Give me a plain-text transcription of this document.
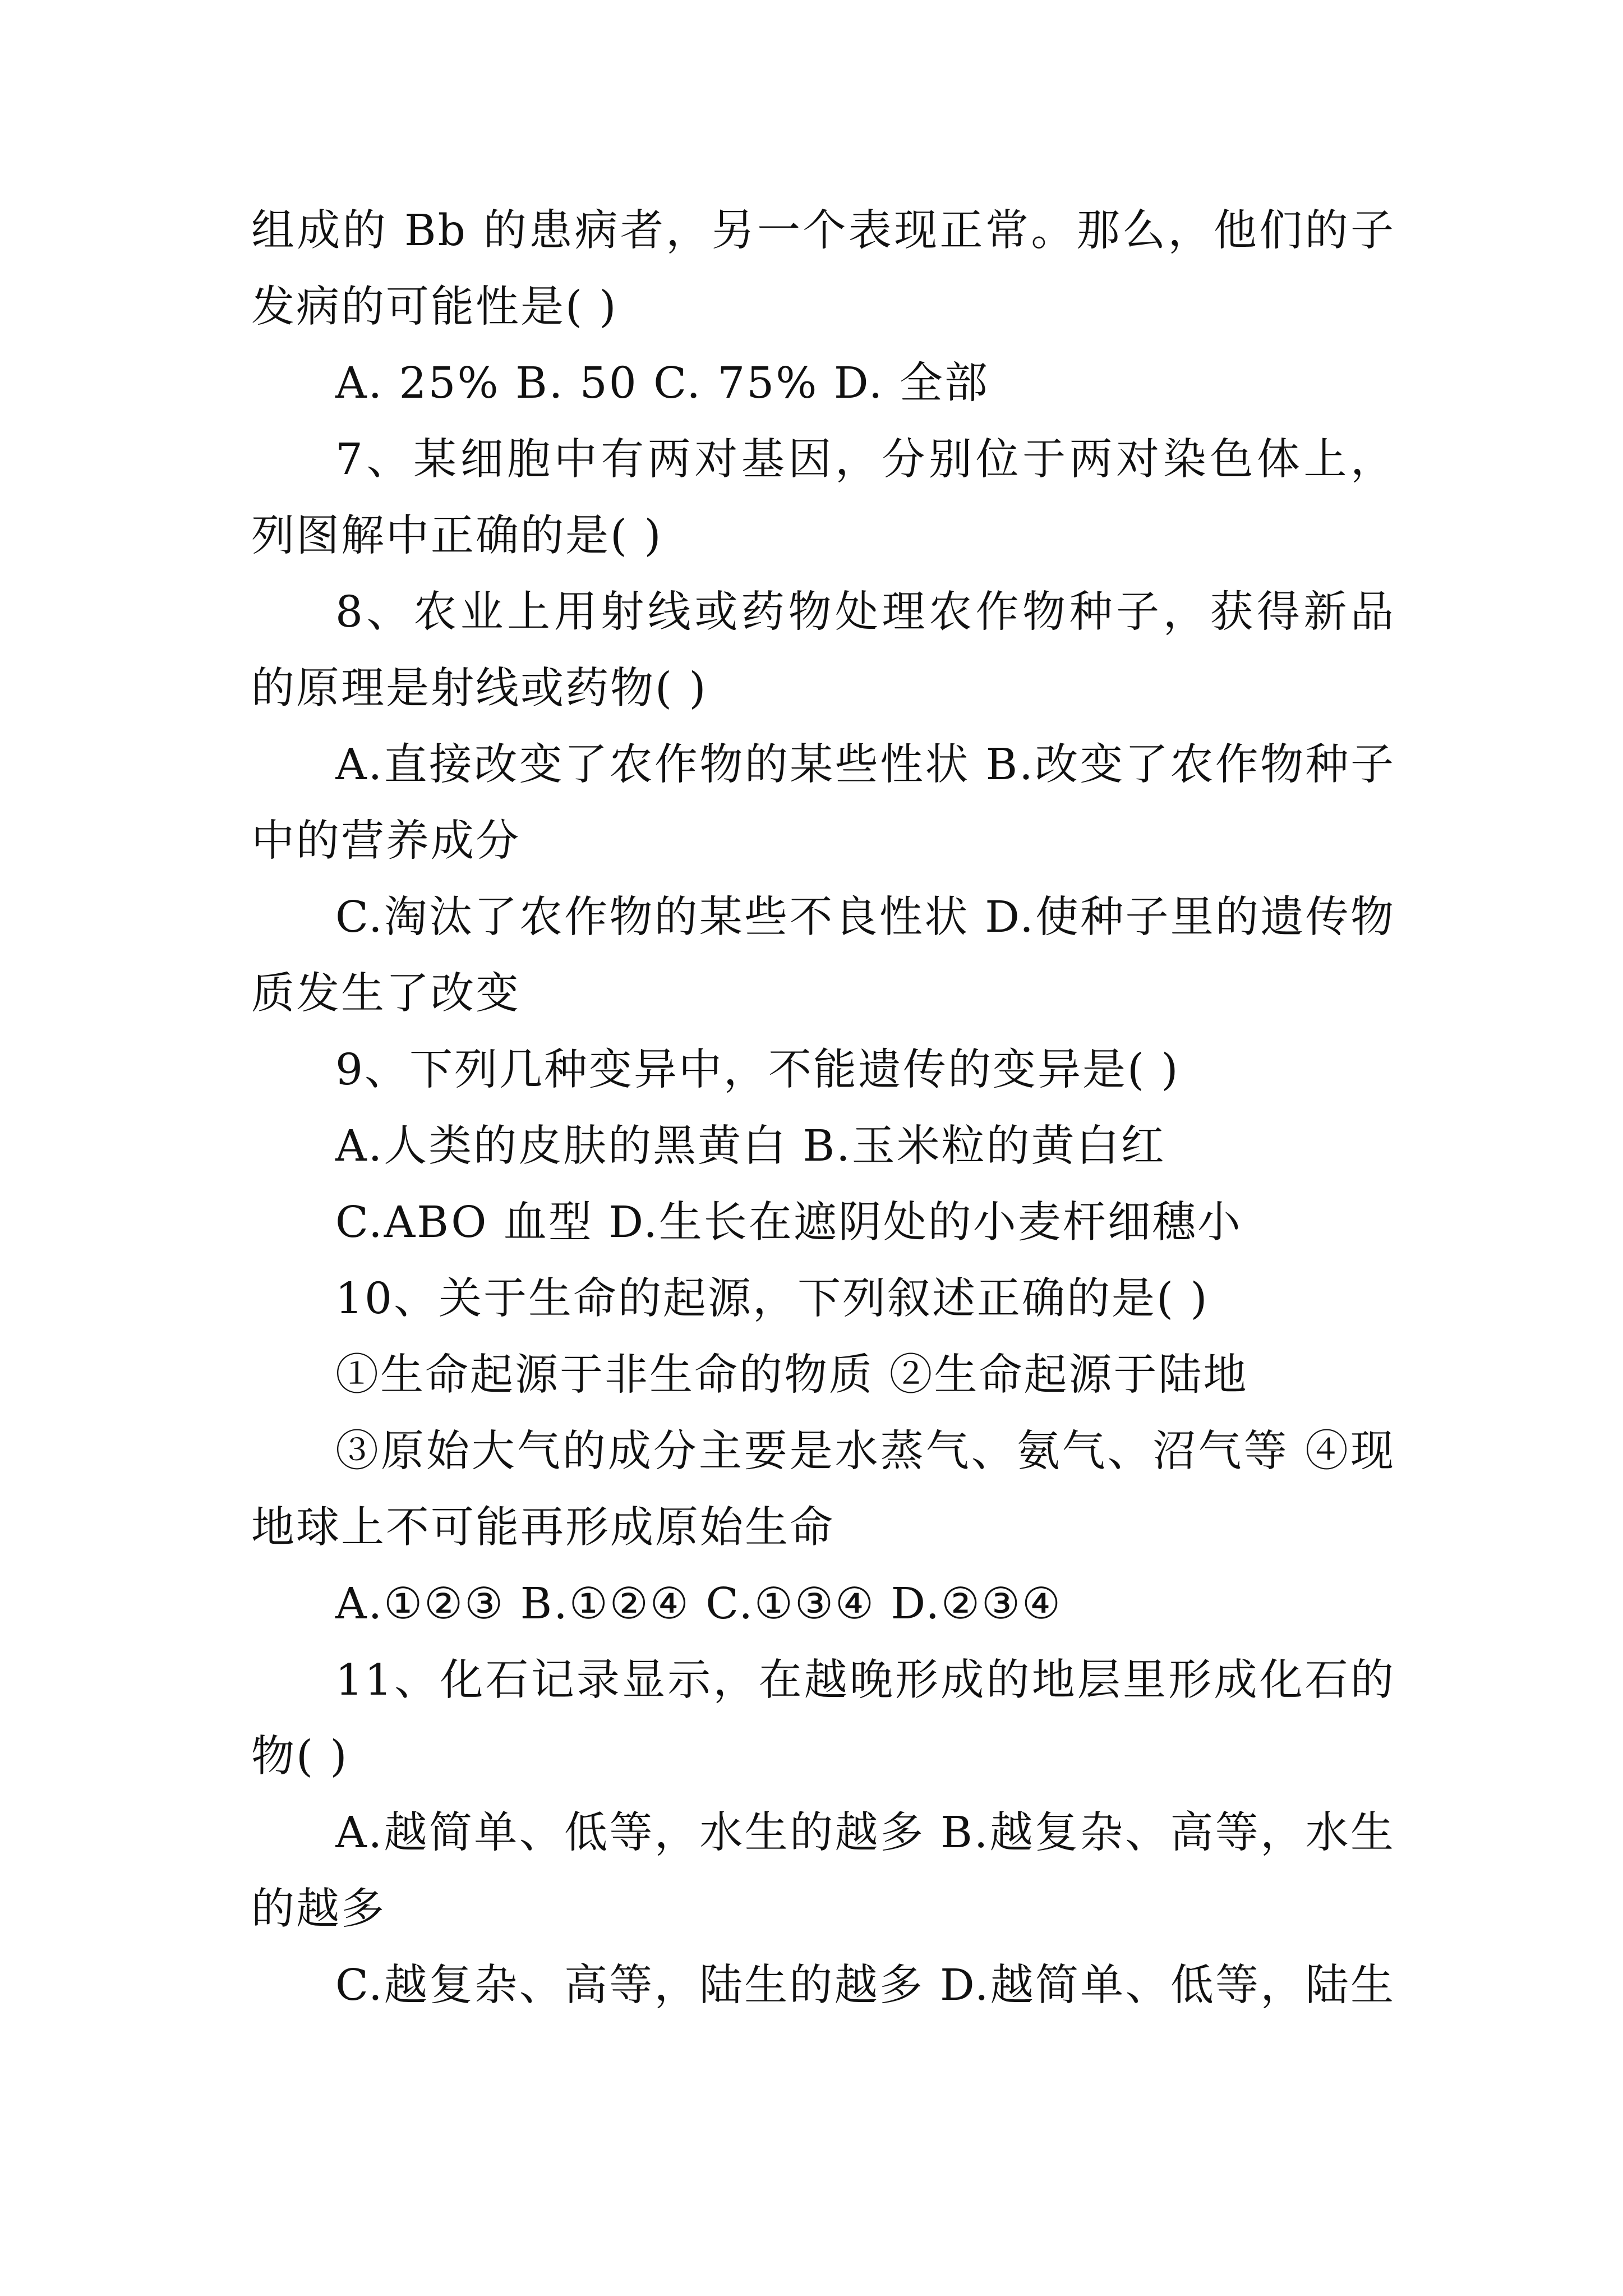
组成的 Bb 的患病者，另一个表现正常。那么，他们的子
发病的可能性是( )
A. 25% B. 50 C. 75% D. 全部
7、某细胞中有两对基因，分别位于两对染色体上，
列图解中正确的是( )
8、农业上用射线或药物处理农作物种子，获得新品
的原理是射线或药物( )
A.直接改变了农作物的某些性状 B.改变了农作物种子
中的营养成分
C.淘汰了农作物的某些不良性状 D.使种子里的遗传物
质发生了改变
9、下列几种变异中，不能遗传的变异是( )
A.人类的皮肤的黑黄白 B.玉米粒的黄白红
C.ABO 血型 D.生长在遮阴处的小麦杆细穗小
10、关于生命的起源，下列叙述正确的是( )
①生命起源于非生命的物质 ②生命起源于陆地
③原始大气的成分主要是水蒸气、氨气、沼气等 ④现
地球上不可能再形成原始生命
A.①②③ B.①②④ C.①③④ D.②③④
11、化石记录显示，在越晚形成的地层里形成化石的
物( )
A.越简单、低等，水生的越多 B.越复杂、高等，水生
的越多
C.越复杂、高等，陆生的越多 D.越简单、低等，陆生
